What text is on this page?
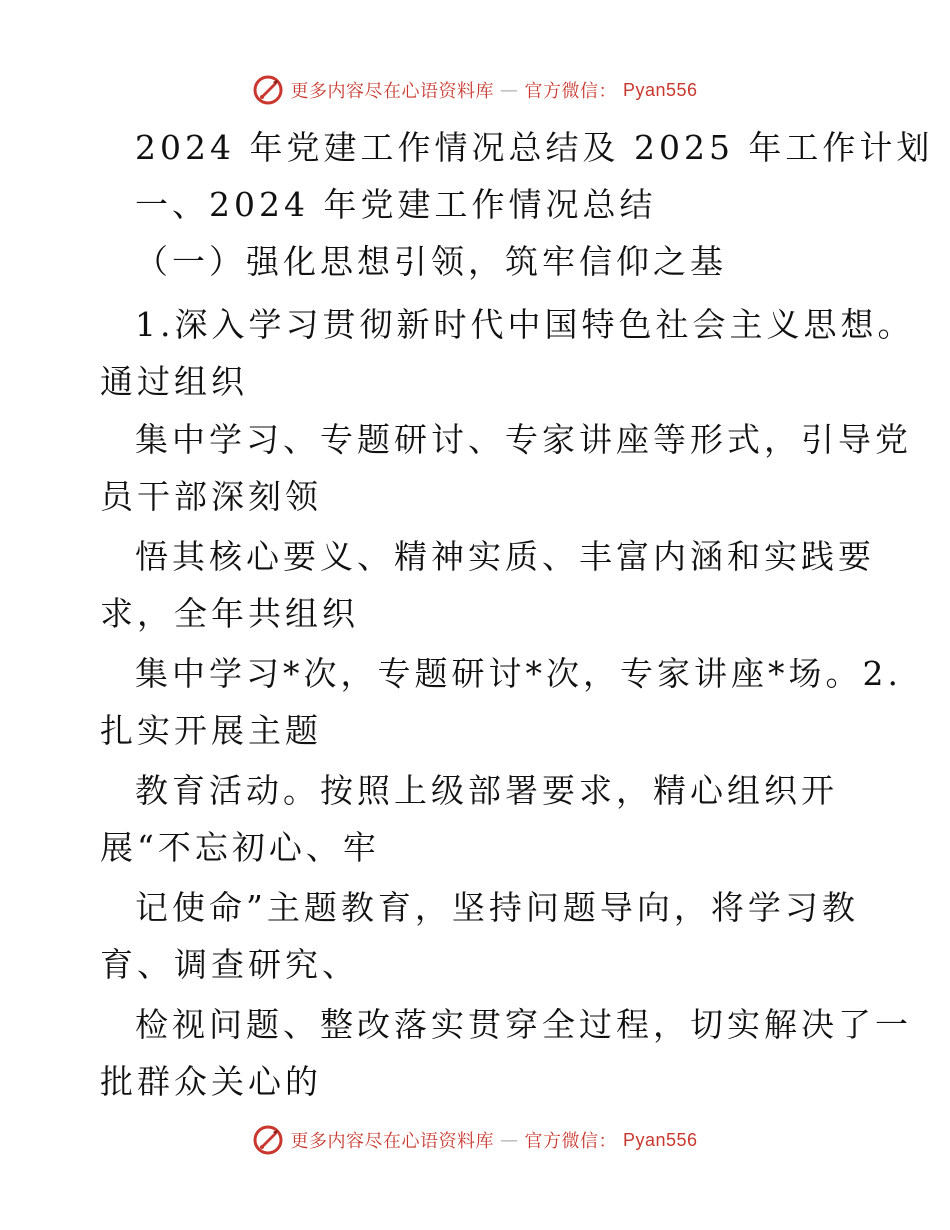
更多内容尽在心语资料库 — 官方微信： Pyan556
2024 年党建工作情况总结及 2025 年工作计划
一、2024 年党建工作情况总结
（一）强化思想引领，筑牢信仰之基
1.深入学习贯彻新时代中国特色社会主义思想。
通过组织
集中学习、专题研讨、专家讲座等形式，引导党
员干部深刻领
悟其核心要义、精神实质、丰富内涵和实践要
求，全年共组织
集中学习*次，专题研讨*次，专家讲座*场。2.
扎实开展主题
教育活动。按照上级部署要求，精心组织开
展“不忘初心、牢
记使命”主题教育，坚持问题导向，将学习教
育、调查研究、
检视问题、整改落实贯穿全过程，切实解决了一
批群众关心的
更多内容尽在心语资料库 — 官方微信： Pyan556
